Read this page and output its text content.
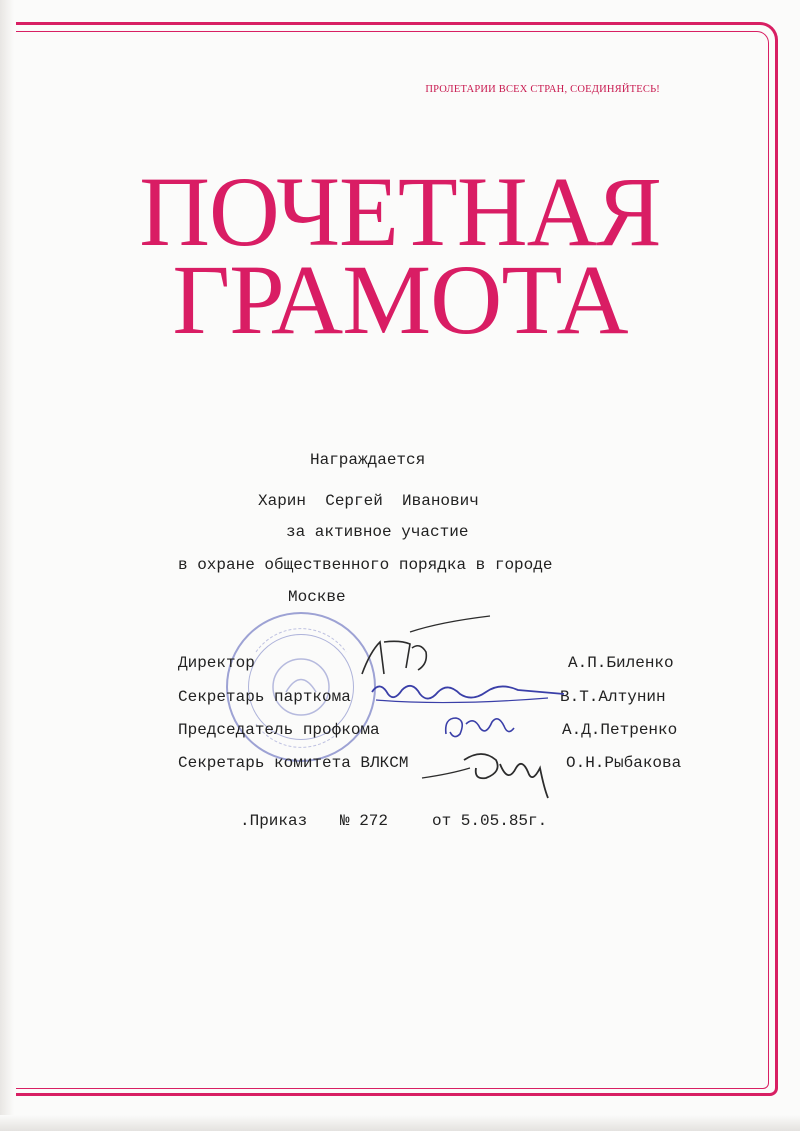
ПРОЛЕТАРИИ ВСЕХ СТРАН, СОЕДИНЯЙТЕСЬ!
ПОЧЕТНАЯ
ГРАМОТА
Награждается
Харин  Сергей  Иванович
за активное участие
в охране общественного порядка в городе
Москве
Директор	А.П.Биленко
Секретарь парткома	В.Т.Алтунин
Председатель профкома	А.Д.Петренко
Секретарь комитета ВЛКСМ	О.Н.Рыбакова
.Приказ № 272	от 5.05.85г.
